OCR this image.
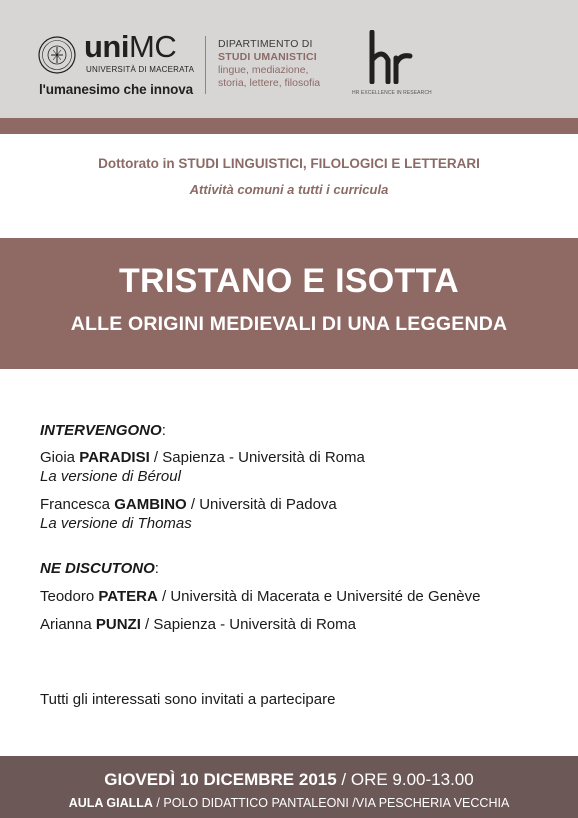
uniMC
UNIVERSITÀ DI MACERATA
l'umanesimo che innova
DIPARTIMENTO DI
STUDI UMANISTICI
lingue, mediazione,
storia, lettere, filosofia
HR EXCELLENCE IN RESEARCH
Dottorato in STUDI LINGUISTICI, FILOLOGICI E LETTERARI
Attività comuni a tutti i curricula
TRISTANO E ISOTTA
ALLE ORIGINI MEDIEVALI DI UNA LEGGENDA
INTERVENGONO:
Gioia PARADISI / Sapienza - Università di Roma
La versione di Béroul
Francesca GAMBINO / Università di Padova
La versione di Thomas
NE DISCUTONO:
Teodoro PATERA / Università di Macerata e Université de Genève
Arianna PUNZI / Sapienza - Università di Roma
Tutti gli interessati sono invitati a partecipare
GIOVEDÌ 10 DICEMBRE 2015 / ORE 9.00-13.00
AULA GIALLA / POLO DIDATTICO PANTALEONI /VIA PESCHERIA VECCHIA
